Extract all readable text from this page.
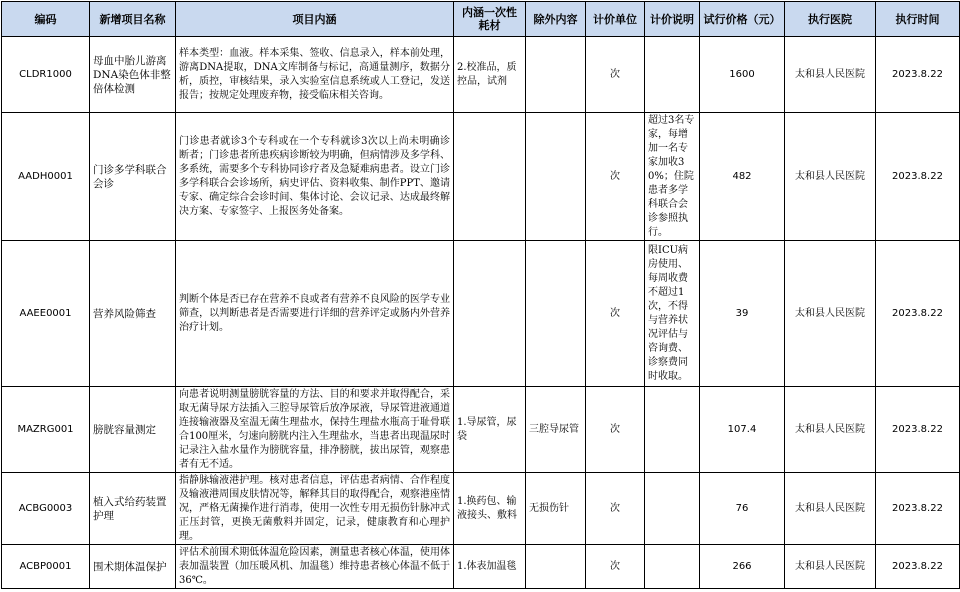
编码	新增项目名称	项目内涵	内涵一次性耗材	除外内容	计价单位	计价说明	试行价格（元）	执行医院	执行时间
CLDR1000	母血中胎儿游离DNA染色体非整倍体检测	样本类型：血液。样本采集、签收、信息录入，样本前处理，游离DNA提取，DNA文库制备与标记，高通量测序，数据分析，质控，审核结果，录入实验室信息系统或人工登记，发送报告；按规定处理废弃物，接受临床相关咨询。	2.校准品，质控品，试剂		次		1600	太和县人民医院	2023.8.22
AADH0001	门诊多学科联合会诊	门诊患者就诊3个专科或在一个专科就诊3次以上尚未明确诊断者；门诊患者所患疾病诊断较为明确，但病情涉及多学科、多系统，需要多个专科协同诊疗者及急疑难病患者。设立门诊多学科联合会诊场所，病史评估、资料收集、制作PPT、邀请专家、确定综合会诊时间、集体讨论、会议记录、达成最终解决方案、专家签字、上报医务处备案。			次	超过3名专家，每增加一名专家加收30%；住院患者多学科联合会诊参照执行。	482	太和县人民医院	2023.8.22
AAEE0001	营养风险筛查	判断个体是否已存在营养不良或者有营养不良风险的医学专业筛查，以判断患者是否需要进行详细的营养评定或肠内外营养治疗计划。			次	限ICU病房使用、每周收费不超过1次，不得与营养状况评估与咨询费、诊察费同时收取。	39	太和县人民医院	2023.8.22
MAZRG001	膀胱容量测定	向患者说明测量膀胱容量的方法、目的和要求并取得配合，采取无菌导尿方法插入三腔导尿管后放净尿液，导尿管进液通道连接输液器及室温无菌生理盐水，保持生理盐水瓶高于耻骨联合100厘米，匀速向膀胱内注入生理盐水，当患者出现温尿时记录注入盐水量作为膀胱容量，排净膀胱，拔出尿管，观察患者有无不适。	1.导尿管，尿袋	三腔导尿管	次		107.4	太和县人民医院	2023.8.22
ACBG0003	植入式给药装置护理	指静脉输液港护理。核对患者信息，评估患者病情、合作程度及输液港周围皮肤情况等，解释其目的取得配合，观察港座情况，严格无菌操作进行消毒，使用一次性专用无损伤针脉冲式正压封管，更换无菌敷料并固定，记录，健康教育和心理护理。	1.换药包、输液接头、敷料	无损伤针	次		76	太和县人民医院	2023.8.22
ACBP0001	围术期体温保护	评估术前围术期低体温危险因素，测量患者核心体温，使用体表加温装置（加压暖风机、加温毯）维持患者核心体温不低于36℃。	1.体表加温毯		次		266	太和县人民医院	2023.8.22
